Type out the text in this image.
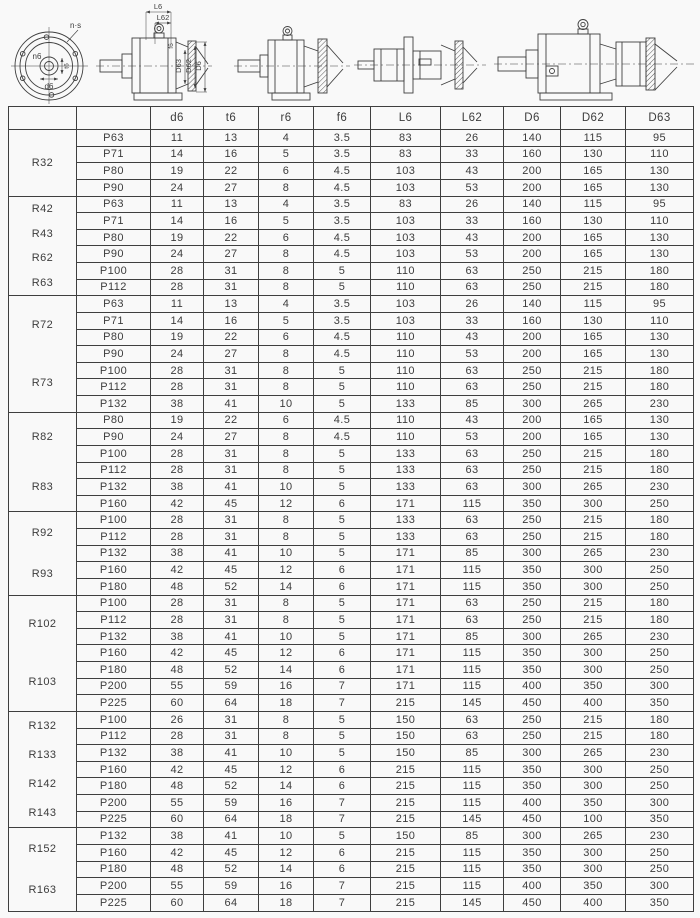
n·s
n6
t6
d6
L6
L62
f6
D63 D62 D6
		d6	t6	r6	f6	L6	L62	D6	D62	D63

R32	P63	11	13	4	3.5	83	26	140	115	95
	P71	14	16	5	3.5	83	33	160	130	110
	P80	19	22	6	4.5	103	43	200	165	130
	P90	24	27	8	4.5	103	53	200	165	130

R42
R43
R62
R63	P63	11	13	4	3.5	83	26	140	115	95
	P71	14	16	5	3.5	103	33	160	130	110
	P80	19	22	6	4.5	103	43	200	165	130
	P90	24	27	8	4.5	103	53	200	165	130
	P100	28	31	8	5	110	63	250	215	180
	P112	28	31	8	5	110	63	250	215	180

R72
R73	P63	11	13	4	3.5	103	26	140	115	95
	P71	14	16	5	3.5	103	33	160	130	110
	P80	19	22	6	4.5	110	43	200	165	130
	P90	24	27	8	4.5	110	53	200	165	130
	P100	28	31	8	5	110	63	250	215	180
	P112	28	31	8	5	110	63	250	215	180
	P132	38	41	10	5	133	85	300	265	230

R82
R83	P80	19	22	6	4.5	110	43	200	165	130
	P90	24	27	8	4.5	110	53	200	165	130
	P100	28	31	8	5	133	63	250	215	180
	P112	28	31	8	5	133	63	250	215	180
	P132	38	41	10	5	133	63	300	265	230
	P160	42	45	12	6	171	115	350	300	250

R92
R93	P100	28	31	8	5	133	63	250	215	180
	P112	28	31	8	5	133	63	250	215	180
	P132	38	41	10	5	171	85	300	265	230
	P160	42	45	12	6	171	115	350	300	250
	P180	48	52	14	6	171	115	350	300	250

R102
R103	P100	28	31	8	5	171	63	250	215	180
	P112	28	31	8	5	171	63	250	215	180
	P132	38	41	10	5	171	85	300	265	230
	P160	42	45	12	6	171	115	350	300	250
	P180	48	52	14	6	171	115	350	300	250
	P200	55	59	16	7	171	115	400	350	300
	P225	60	64	18	7	215	145	450	400	350

R132
R133
R142
R143	P100	26	31	8	5	150	63	250	215	180
	P112	28	31	8	5	150	63	250	215	180
	P132	38	41	10	5	150	85	300	265	230
	P160	42	45	12	6	215	115	350	300	250
	P180	48	52	14	6	215	115	350	300	250
	P200	55	59	16	7	215	115	400	350	300
	P225	60	64	18	7	215	145	450	100	350

R152
R163	P132	38	41	10	5	150	85	300	265	230
	P160	42	45	12	6	215	115	350	300	250
	P180	48	52	14	6	215	115	350	300	250
	P200	55	59	16	7	215	115	400	350	300
	P225	60	64	18	7	215	145	450	400	350
